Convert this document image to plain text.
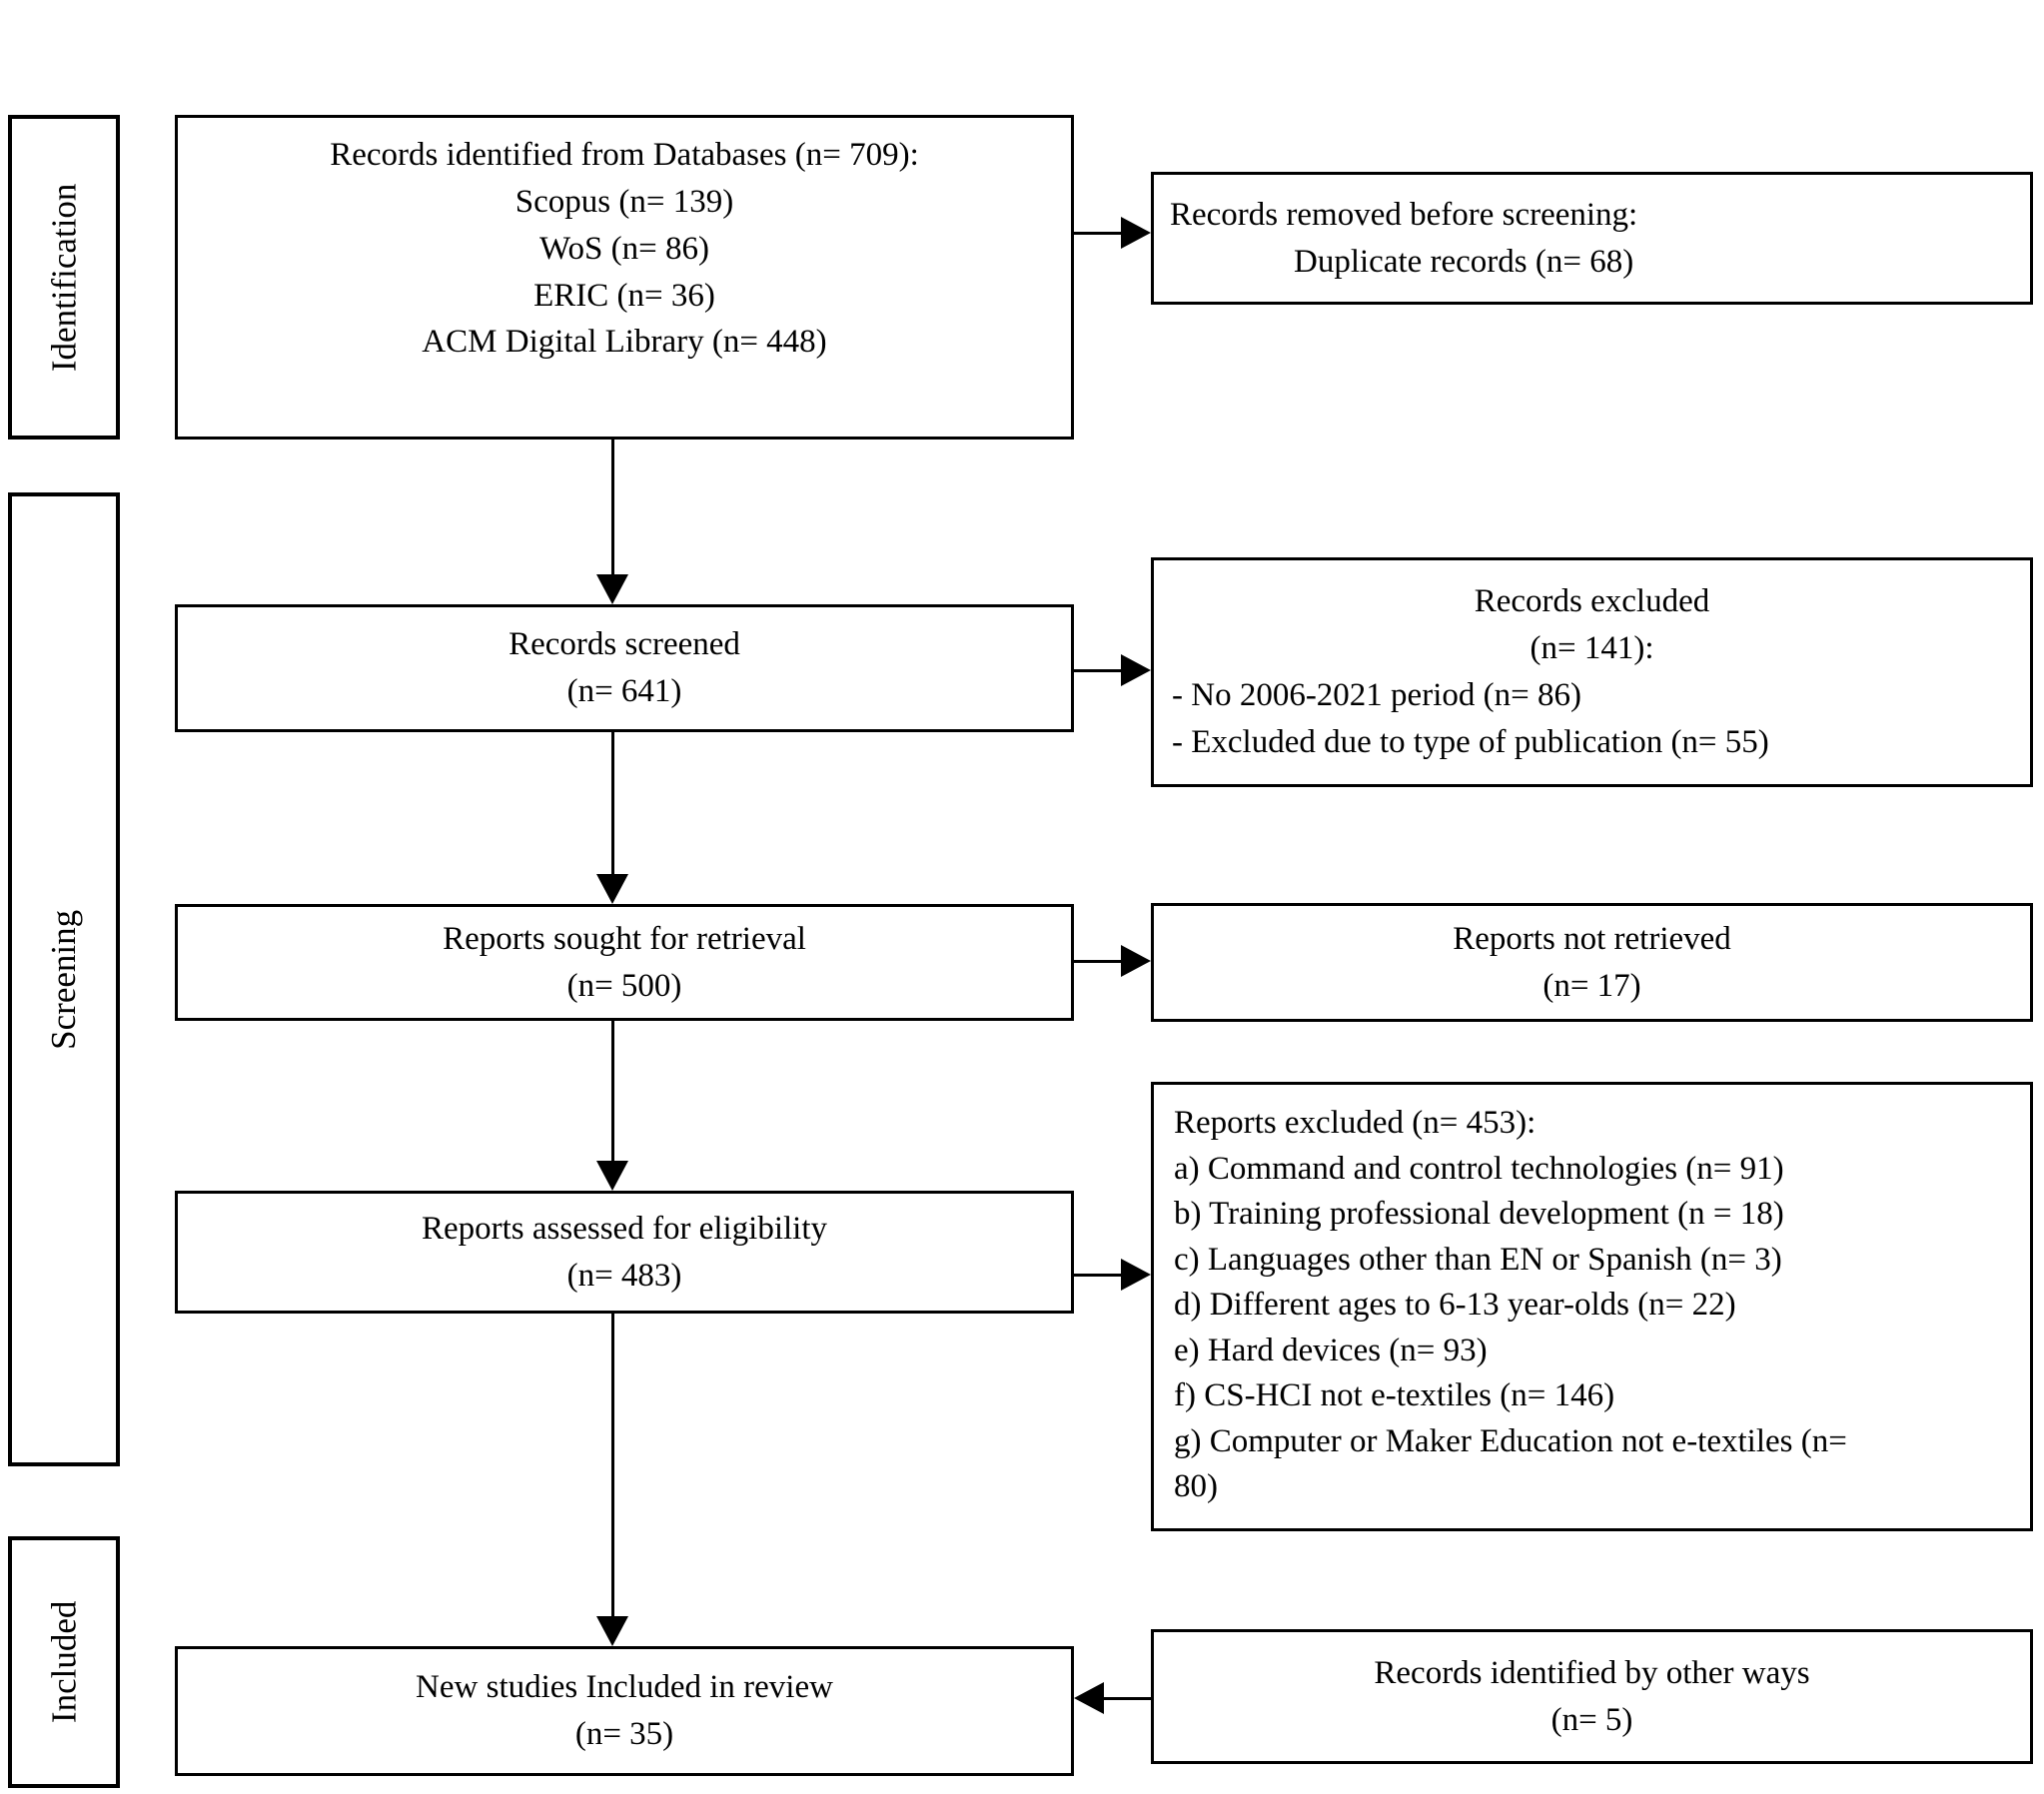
Identification
Screening
Included
Records identified from Databases (n= 709):
Scopus (n= 139)
WoS (n= 86)
ERIC (n= 36)
ACM Digital Library (n= 448)
Records screened
(n= 641)
Reports sought for retrieval
(n= 500)
Reports assessed for eligibility
(n= 483)
New studies Included in review
(n= 35)
Records removed before screening:
Duplicate records (n= 68)
Records excluded
(n= 141):
- No 2006-2021 period (n= 86)
- Excluded due to type of publication (n= 55)
Reports not retrieved
(n= 17)
Reports excluded (n= 453):
a) Command and control technologies (n= 91)
b) Training professional development (n = 18)
c) Languages other than EN or Spanish (n= 3)
d) Different ages to 6-13 year-olds (n= 22)
e) Hard devices (n= 93)
f) CS-HCI not e-textiles (n= 146)
g) Computer or Maker Education not e-textiles (n=
80)
Records identified by other ways
(n= 5)
